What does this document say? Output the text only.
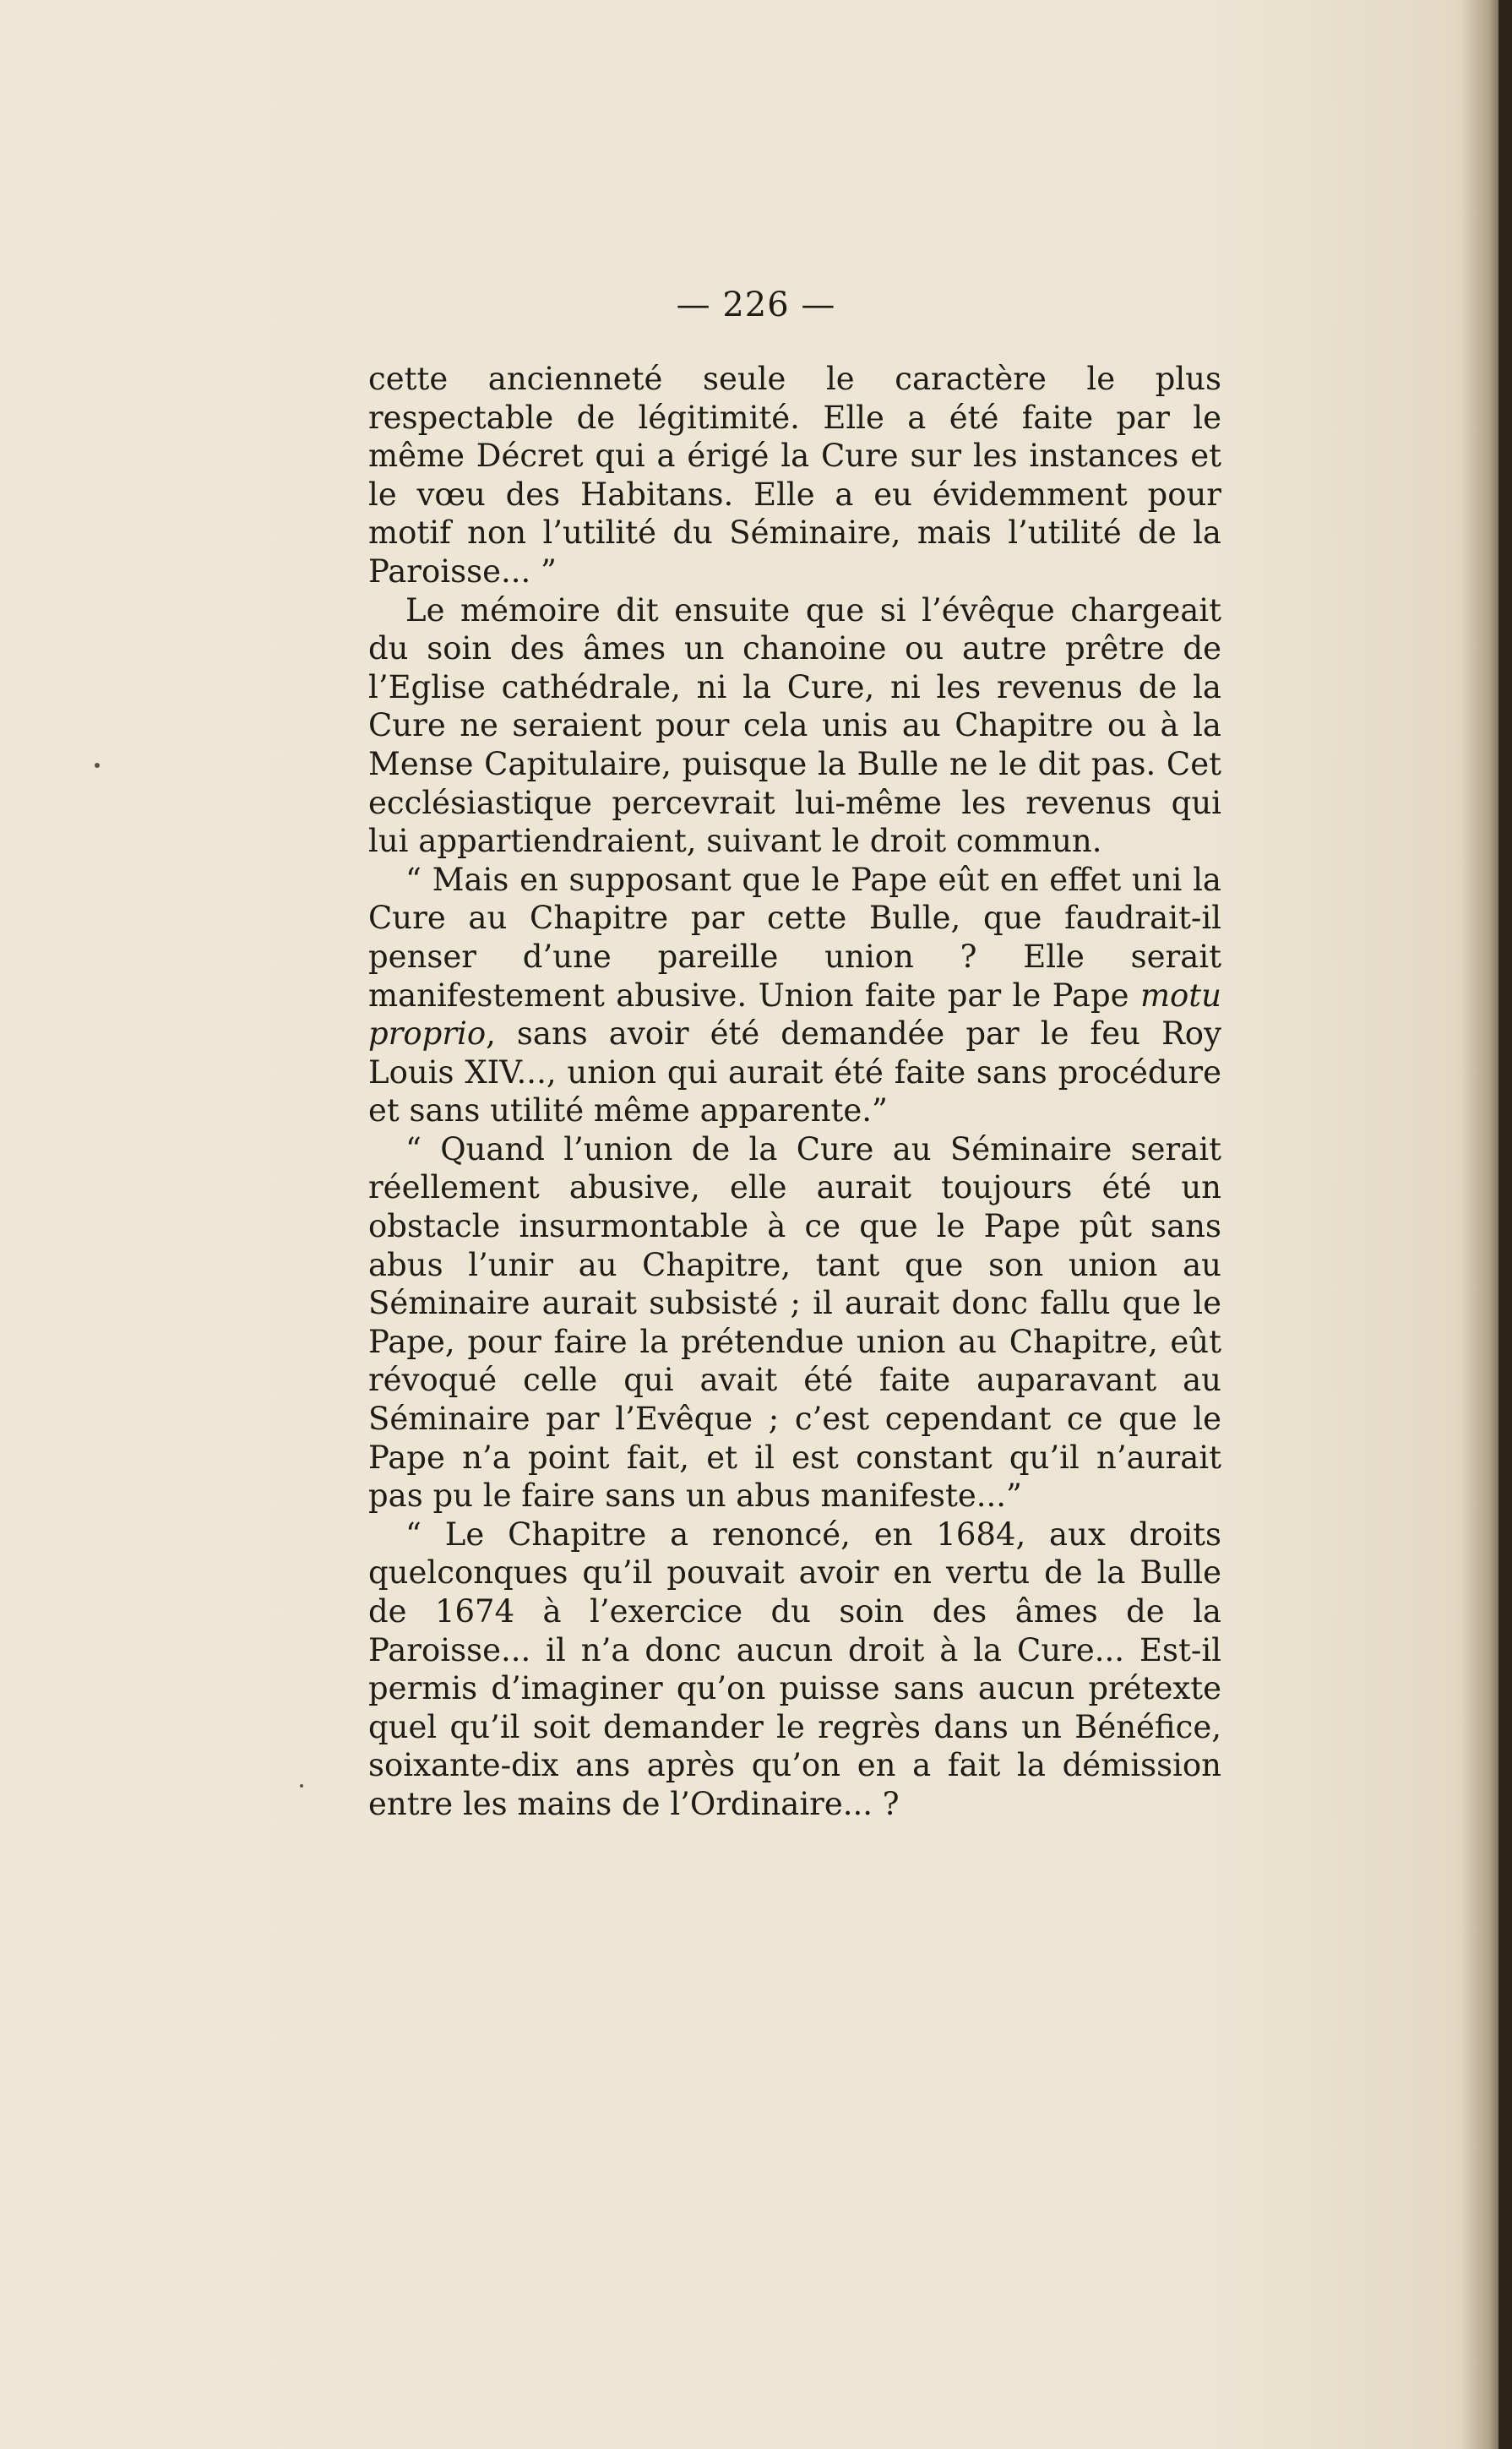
— 226 —

cette ancienneté seule le caractère le plus respectable de légitimité. Elle a été faite par le même Décret qui a érigé la Cure sur les instances et le vœu des Habitans. Elle a eu évidemment pour motif non l’utilité du Séminaire, mais l’utilité de la Paroisse... ”

Le mémoire dit ensuite que si l’évêque chargeait du soin des âmes un chanoine ou autre prêtre de l’Eglise cathédrale, ni la Cure, ni les revenus de la Cure ne seraient pour cela unis au Chapitre ou à la Mense Capitulaire, puisque la Bulle ne le dit pas. Cet ecclésiastique percevrait lui-même les revenus qui lui appartiendraient, suivant le droit commun.

“ Mais en supposant que le Pape eût en effet uni la Cure au Chapitre par cette Bulle, que faudrait-il penser d’une pareille union ? Elle serait manifestement abusive. Union faite par le Pape motu proprio, sans avoir été demandée par le feu Roy Louis XIV..., union qui aurait été faite sans procédure et sans utilité même apparente.”

“ Quand l’union de la Cure au Séminaire serait réellement abusive, elle aurait toujours été un obstacle insurmontable à ce que le Pape pût sans abus l’unir au Chapitre, tant que son union au Séminaire aurait subsisté ; il aurait donc fallu que le Pape, pour faire la prétendue union au Chapitre, eût révoqué celle qui avait été faite auparavant au Séminaire par l’Evêque ; c’est cependant ce que le Pape n’a point fait, et il est constant qu’il n’aurait pas pu le faire sans un abus manifeste...”

“ Le Chapitre a renoncé, en 1684, aux droits quelconques qu’il pouvait avoir en vertu de la Bulle de 1674 à l’exercice du soin des âmes de la Paroisse... il n’a donc aucun droit à la Cure... Est-il permis d’imaginer qu’on puisse sans aucun prétexte quel qu’il soit demander le regrès dans un Bénéfice, soixante-dix ans après qu’on en a fait la démission entre les mains de l’Ordinaire... ?
